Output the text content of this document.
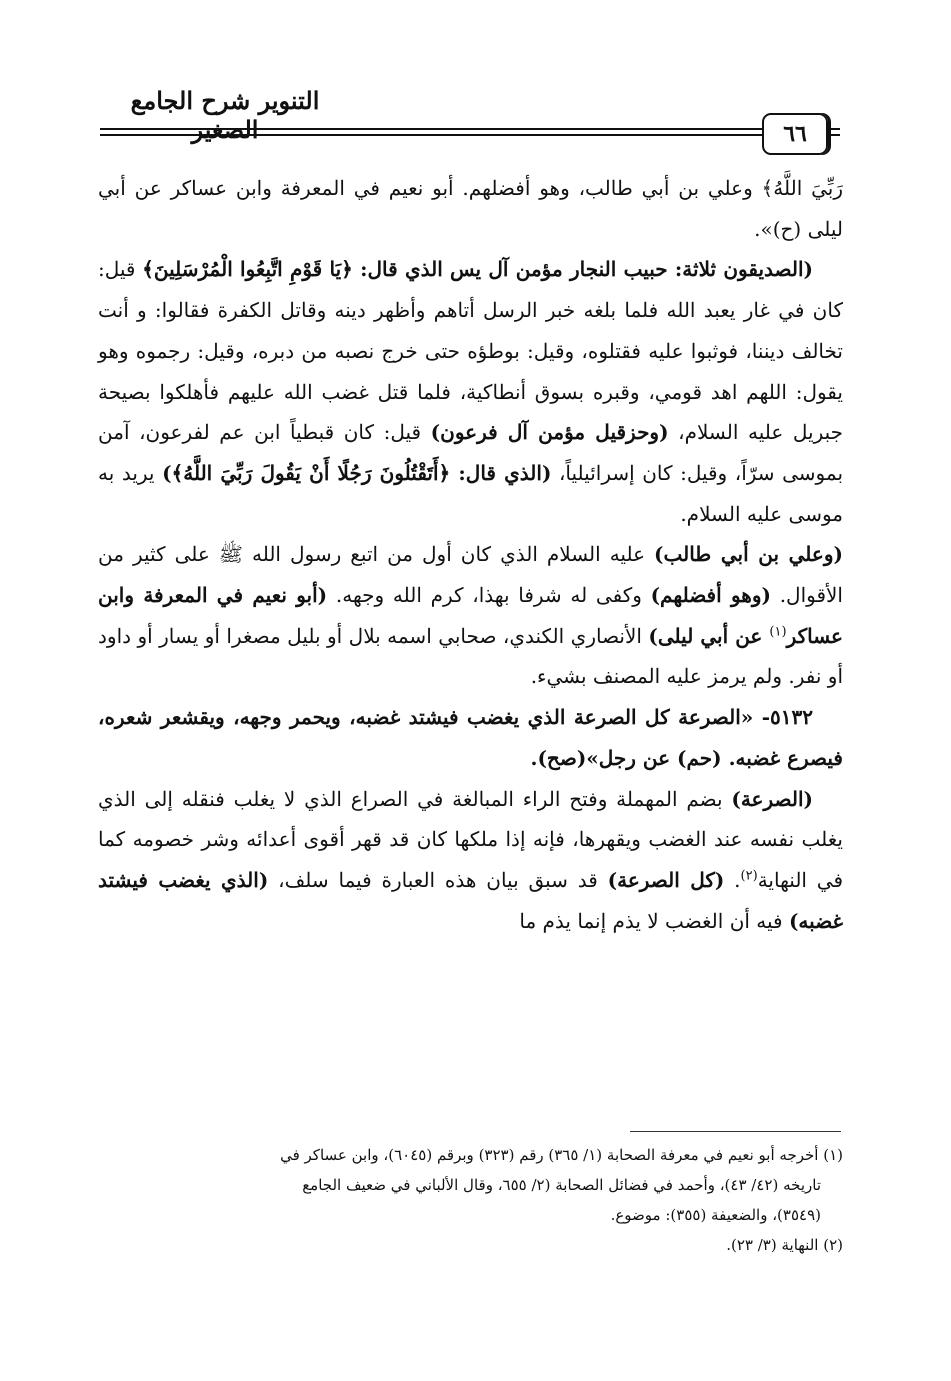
التنوير شرح الجامع الصغير	٦٦

رَبِّيَ اللَّهُ﴾ وعلي بن أبي طالب، وهو أفضلهم. أبو نعيم في المعرفة وابن عساكر عن أبي ليلى (ح)».

(الصديقون ثلاثة: حبيب النجار مؤمن آل يس الذي قال: ﴿يَا قَوْمِ اتَّبِعُوا الْمُرْسَلِينَ﴾ قيل: كان في غار يعبد الله فلما بلغه خبر الرسل أتاهم وأظهر دينه وقاتل الكفرة فقالوا: و أنت تخالف ديننا، فوثبوا عليه فقتلوه، وقيل: بوطؤه حتى خرج نصبه من دبره، وقيل: رجموه وهو يقول: اللهم اهد قومي، وقبره بسوق أنطاكية، فلما قتل غضب الله عليهم فأهلكوا بصيحة جبريل عليه السلام، (وحزقيل مؤمن آل فرعون) قيل: كان قبطياً ابن عم لفرعون، آمن بموسى سرّاً، وقيل: كان إسرائيلياً، (الذي قال: ﴿أَتَقْتُلُونَ رَجُلًا أَنْ يَقُولَ رَبِّيَ اللَّهُ﴾) يريد به موسى عليه السلام.

(وعلي بن أبي طالب) عليه السلام الذي كان أول من اتبع رسول الله ﷺ على كثير من الأقوال. (وهو أفضلهم) وكفى له شرفا بهذا، كرم الله وجهه. (أبو نعيم في المعرفة وابن عساكر$^{(١)}$ عن أبي ليلى) الأنصاري الكندي، صحابي اسمه بلال أو بليل مصغرا أو يسار أو داود أو نفر. ولم يرمز عليه المصنف بشيء.

٥١٣٢- «الصرعة كل الصرعة الذي يغضب فيشتد غضبه، ويحمر وجهه، ويقشعر شعره، فيصرع غضبه. (حم) عن رجل»(صح).

(الصرعة) بضم المهملة وفتح الراء المبالغة في الصراع الذي لا يغلب فنقله إلى الذي يغلب نفسه عند الغضب ويقهرها، فإنه إذا ملكها كان قد قهر أقوى أعدائه وشر خصومه كما في النهاية$^{(٢)}$. (كل الصرعة) قد سبق بيان هذه العبارة فيما سلف، (الذي يغضب فيشتد غضبه) فيه أن الغضب لا يذم إنما يذم ما

(١) أخرجه أبو نعيم في معرفة الصحابة (١/ ٣٦٥) رقم (٣٢٣) وبرقم (٦٠٤٥)، وابن عساكر في

تاريخه (٤٢/ ٤٣)، وأحمد في فضائل الصحابة (٢/ ٦٥٥، وقال الألباني في ضعيف الجامع

(٣٥٤٩)، والضعيفة (٣٥٥): موضوع.

(٢) النهاية (٣/ ٢٣).
